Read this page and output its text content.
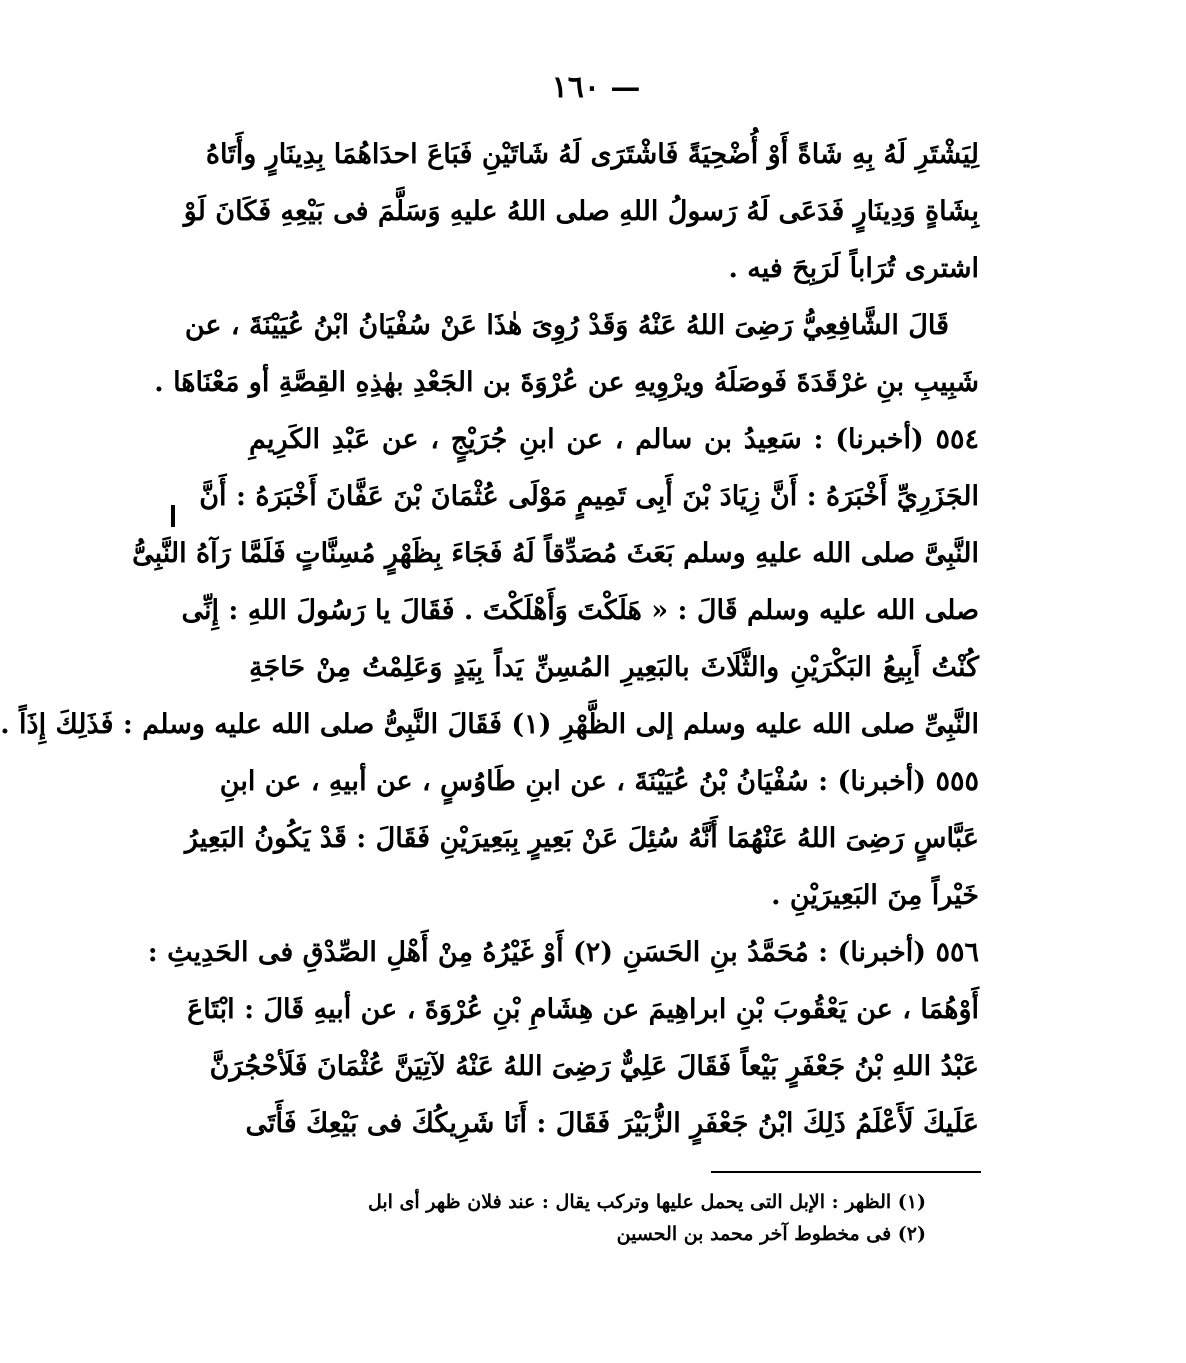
— ١٦٠
لِيَشْتَرِ لَهُ بِهِ شَاةً أَوْ أُضْحِيَةً فَاشْتَرَى لَهُ شَاتَيْنِ فَبَاعَ احدَاهُمَا بِدِينَارٍ وأَتَاهُ
بِشَاةٍ وَدِينَارٍ فَدَعَى لَهُ رَسولُ اللهِ صلى اللهُ عليهِ وَسَلَّمَ فى بَيْعِهِ فَكَانَ لَوْ
اشترى تُرَاباً لَرَبِحَ فيه .
قَالَ الشَّافِعِيُّ رَضِىَ اللهُ عَنْهُ وَقَدْ رُوِىَ هٰذَا عَنْ سُفْيَانُ ابْنُ عُيَيْنَةَ ، عن
شَبِيبِ بنِ غرْقَدَةَ فَوصَلَهُ ويرْوِيهِ عن عُرْوَةَ بن الجَعْدِ بهٰذِهِ القِصَّةِ أو مَعْنَاهَا .
٥٥٤ (أخبرنا) : سَعِيدُ بن سالم ، عن ابنِ جُرَيْجٍ ، عن عَبْدِ الكَرِيمِ
الجَزَرِيِّ أَخْبَرَهُ : أَنَّ زِيَادَ بْنَ أَبِى تَمِيمٍ مَوْلَى عُثْمَانَ بْنَ عَفَّانَ أَخْبَرَهُ : أَنَّ
النَّبِىَّ صلى الله عليهِ وسلم بَعَثَ مُصَدِّقاً لَهُ فَجَاءَ بِظَهْرٍ مُسِنَّاتٍ فَلَمَّا رَآهُ النَّبِىُّ
صلى الله عليه وسلم قَالَ : « هَلَكْتَ وَأَهْلَكْتَ . فَقَالَ يا رَسُولَ اللهِ : إِنِّى
كُنْتُ أَبِيعُ البَكْرَيْنِ والثَّلَاثَ بالبَعِيرِ المُسِنِّ يَداً بِيَدٍ وَعَلِمْتُ مِنْ حَاجَةِ
النَّبِىِّ صلى الله عليه وسلم إلى الظَّهْرِ (١) فَقَالَ النَّبِىُّ صلى الله عليه وسلم : فَذَلِكَ إِذَاً .
٥٥٥ (أخبرنا) : سُفْيَانُ بْنُ عُيَيْنَةَ ، عن ابنِ طَاوُسٍ ، عن أبيهِ ، عن ابنِ
عَبَّاسٍ رَضِىَ اللهُ عَنْهُمَا أَنَّهُ سُئِلَ عَنْ بَعِيرٍ بِبَعِيرَيْنِ فَقَالَ : قَدْ يَكُونُ البَعِيرُ
خَيْراً مِنَ البَعِيرَيْنِ .
٥٥٦ (أخبرنا) : مُحَمَّدُ بنِ الحَسَنِ (٢) أَوْ غَيْرُهُ مِنْ أَهْلِ الصِّدْقِ فى الحَدِيثِ :
أَوْهُمَا ، عن يَعْقُوبَ بْنِ ابراهِيمَ عن هِشَامِ بْنِ عُرْوَةَ ، عن أبيهِ قَالَ : ابْتَاعَ
عَبْدُ اللهِ بْنُ جَعْفَرٍ بَيْعاً فَقَالَ عَلِيٌّ رَضِىَ اللهُ عَنْهُ لآتِيَنَّ عُثْمَانَ فَلَأحْجُرَنَّ
عَلَيكَ لَأَعْلَمُ ذَلِكَ ابْنُ جَعْفَرٍ الزُّبَيْرَ فَقَالَ : أَنَا شَرِيكُكَ فى بَيْعِكَ فَأَتَى
(١) الظهر : الإبل التى يحمل عليها وتركب يقال : عند فلان ظهر أى ابل
(٢) فى مخطوط آخر محمد بن الحسين
